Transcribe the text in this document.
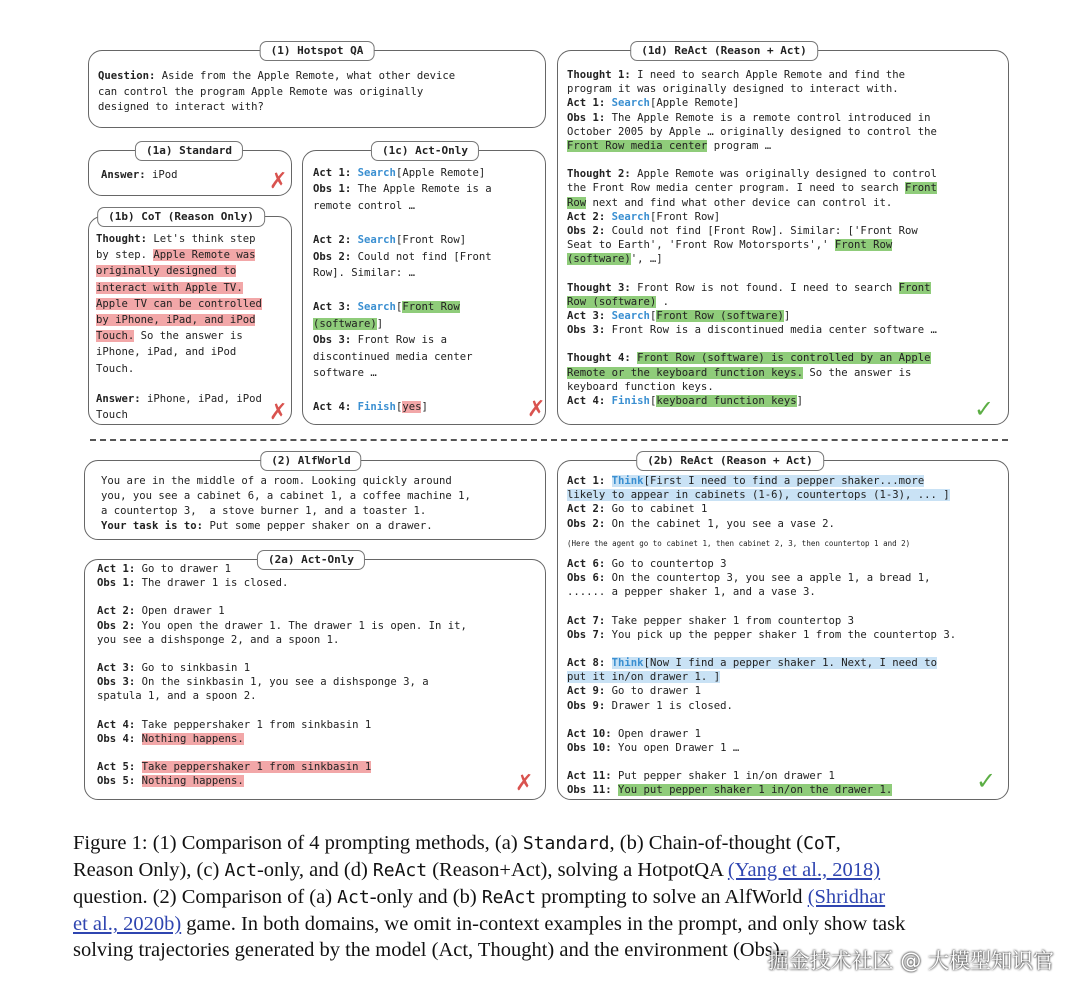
(1) Hotspot QA

Question: Aside from the Apple Remote, what other device

can control the program Apple Remote was originally

designed to interact with?

(1a) Standard

Answer: iPod	✗
(1b) CoT (Reason Only)

Thought: Let's think step

by step. Apple Remote was

originally designed to

interact with Apple TV.

Apple TV can be controlled

by iPhone, iPad, and iPod

Touch. So the answer is

iPhone, iPad, and iPod

Touch.

Answer: iPhone, iPad, iPod

Touch	✗
(1c) Act-Only

Act 1: Search[Apple Remote]

Obs 1: The Apple Remote is a

remote control …

Act 2: Search[Front Row]

Obs 2: Could not find [Front

Row]. Similar: …

Act 3: Search[Front Row

(software)]

Obs 3: Front Row is a

discontinued media center

software …

Act 4: Finish[yes]	✗
(1d) ReAct (Reason + Act)

Thought 1: I need to search Apple Remote and find the

program it was originally designed to interact with.

Act 1: Search[Apple Remote]

Obs 1: The Apple Remote is a remote control introduced in

October 2005 by Apple … originally designed to control the

Front Row media center program …

Thought 2: Apple Remote was originally designed to control

the Front Row media center program. I need to search Front

Row next and find what other device can control it.

Act 2: Search[Front Row]

Obs 2: Could not find [Front Row]. Similar: ['Front Row

Seat to Earth', 'Front Row Motorsports',' Front Row

(software)', …]

Thought 3: Front Row is not found. I need to search Front

Row (software) .

Act 3: Search[Front Row (software)]

Obs 3: Front Row is a discontinued media center software …

Thought 4: Front Row (software) is controlled by an Apple

Remote or the keyboard function keys. So the answer is

keyboard function keys.

Act 4: Finish[keyboard function keys]	✓
(2) AlfWorld

You are in the middle of a room. Looking quickly around

you, you see a cabinet 6, a cabinet 1, a coffee machine 1,

a countertop 3,  a stove burner 1, and a toaster 1.

Your task is to: Put some pepper shaker on a drawer.

(2a) Act-Only

Act 1: Go to drawer 1

Obs 1: The drawer 1 is closed.

Act 2: Open drawer 1

Obs 2: You open the drawer 1. The drawer 1 is open. In it,

you see a dishsponge 2, and a spoon 1.

Act 3: Go to sinkbasin 1

Obs 3: On the sinkbasin 1, you see a dishsponge 3, a

spatula 1, and a spoon 2.

Act 4: Take peppershaker 1 from sinkbasin 1

Obs 4: Nothing happens.

Act 5: Take peppershaker 1 from sinkbasin 1

Obs 5: Nothing happens.	✗
(2b) ReAct (Reason + Act)

Act 1: Think[First I need to find a pepper shaker...more

likely to appear in cabinets (1-6), countertops (1-3), ... ]

Act 2: Go to cabinet 1

Obs 2: On the cabinet 1, you see a vase 2.

(Here the agent go to cabinet 1, then cabinet 2, 3, then countertop 1 and 2)

Act 6: Go to countertop 3

Obs 6: On the countertop 3, you see a apple 1, a bread 1,

...... a pepper shaker 1, and a vase 3.

Act 7: Take pepper shaker 1 from countertop 3

Obs 7: You pick up the pepper shaker 1 from the countertop 3.

Act 8: Think[Now I find a pepper shaker 1. Next, I need to

put it in/on drawer 1. ]

Act 9: Go to drawer 1

Obs 9: Drawer 1 is closed.

Act 10: Open drawer 1

Obs 10: You open Drawer 1 …

Act 11: Put pepper shaker 1 in/on drawer 1

Obs 11: You put pepper shaker 1 in/on the drawer 1.	✓

Figure 1: (1) Comparison of 4 prompting methods, (a) Standard, (b) Chain-of-thought (CoT,

Reason Only), (c) Act-only, and (d) ReAct (Reason+Act), solving a HotpotQA (Yang et al., 2018)

question. (2) Comparison of (a) Act-only and (b) ReAct prompting to solve an AlfWorld (Shridhar

et al., 2020b) game. In both domains, we omit in-context examples in the prompt, and only show task

solving trajectories generated by the model (Act, Thought) and the environment (Obs).

掘金技术社区 @ 大模型知识官
